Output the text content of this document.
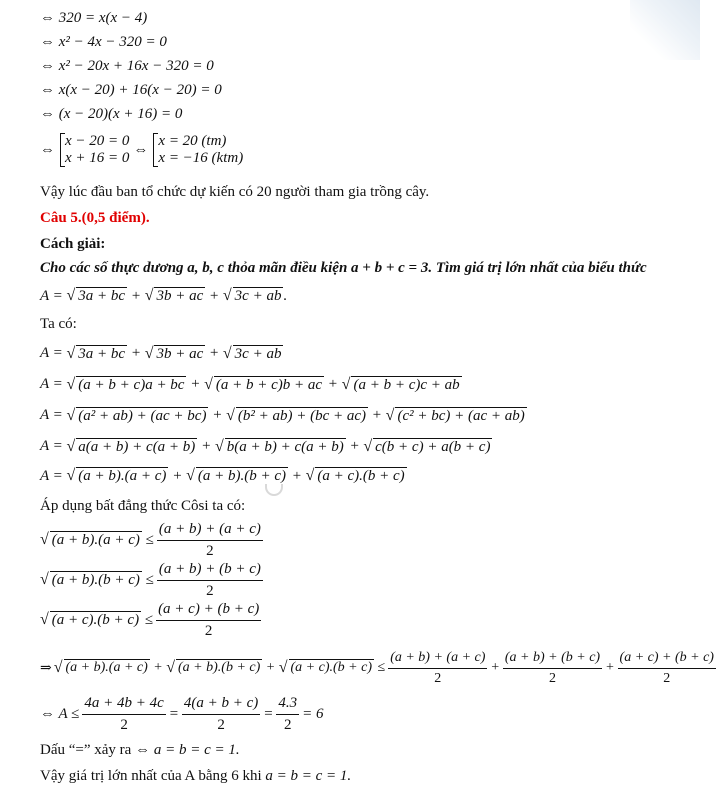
⇔ 320 = x(x − 4)
⇔ x² − 4x − 320 = 0
⇔ x² − 20x + 16x − 320 = 0
⇔ x(x − 20) + 16(x − 20) = 0
⇔ (x − 20)(x + 16) = 0
⇔
x − 20 = 0
x + 16 = 0
⇔
x = 20 (tm)
x = −16 (ktm)
Vậy lúc đầu ban tổ chức dự kiến có 20 người tham gia trồng cây.
Câu 5.(0,5 điểm).
Cách giải:
Cho các số thực dương a, b, c thỏa mãn điều kiện a + b + c = 3. Tìm giá trị lớn nhất của biểu thức
A =
√ 3a + bc + √ 3b + ac + √ 3c + ab .
Ta có:
A =
√ 3a + bc + √ 3b + ac + √ 3c + ab
A =
√ (a + b + c)a + bc + √ (a + b + c)b + ac + √ (a + b + c)c + ab
A =
√ (a² + ab) + (ac + bc) + √ (b² + ab) + (bc + ac) + √ (c² + bc) + (ac + ab)
A =
√ a(a + b) + c(a + b) + √ b(a + b) + c(a + b) + √ c(b + c) + a(b + c)
A =
√ (a + b).(a + c) + √ (a + b).(b + c) + √ (a + c).(b + c)
Áp dụng bất đẳng thức Côsi ta có:
√ $(a + b).(a + c) \le \frac{(a + b) + (a + c)}{2}$
√ $(a + b).(b + c) \le \frac{(a + b) + (b + c)}{2}$
√ $(a + c).(b + c) \le \frac{(a + c) + (b + c)}{2}$
⇒ √ (a + b).(a + c) + √ (a + b).(b + c) + √ $(a + c).(b + c) \le \frac{(a + b) + (a + c)}{2} + \frac{(a + b) + (b + c)}{2} + \frac{(a + c) + (b + c)}{2}$
⇔ $A \le \frac{4a + 4b + 4c}{2} = \frac{4(a + b + c)}{2} = \frac{4.3}{2} = 6$
Dấu “=” xảy ra ⇔ a = b = c = 1.
Vậy giá trị lớn nhất của A bằng 6 khi a = b = c = 1.
